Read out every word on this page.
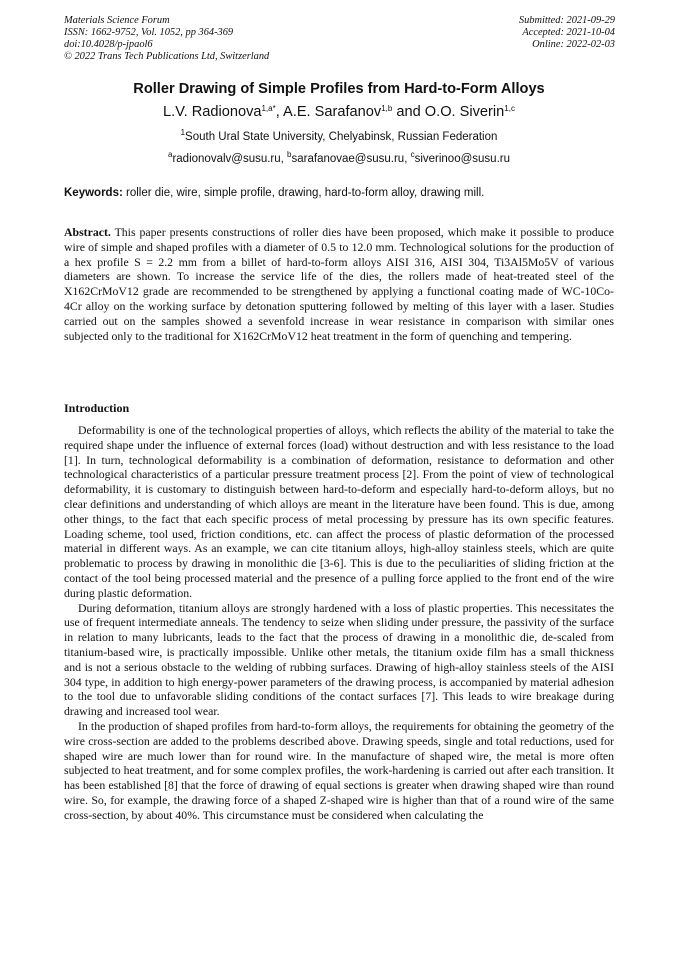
Materials Science Forum
ISSN: 1662-9752, Vol. 1052, pp 364-369
doi:10.4028/p-jpaol6
© 2022 Trans Tech Publications Ltd, Switzerland
Submitted: 2021-09-29
Accepted: 2021-10-04
Online: 2022-02-03
Roller Drawing of Simple Profiles from Hard-to-Form Alloys
L.V. Radionova$^{1,a*}$, A.E. Sarafanov$^{1,b}$ and O.O. Siverin$^{1,c}$
$^1$South Ural State University, Chelyabinsk, Russian Federation
$^a$radionovalv@susu.ru, $^b$sarafanovae@susu.ru, $^c$siverinoo@susu.ru
Keywords: roller die, wire, simple profile, drawing, hard-to-form alloy, drawing mill.
Abstract. This paper presents constructions of roller dies have been proposed, which make it possible to produce wire of simple and shaped profiles with a diameter of 0.5 to 12.0 mm. Technological solutions for the production of a hex profile S = 2.2 mm from a billet of hard-to-form alloys AISI 316, AISI 304, Ti3Al5Mo5V of various diameters are shown. To increase the service life of the dies, the rollers made of heat-treated steel of the X162CrMoV12 grade are recommended to be strengthened by applying a functional coating made of WC-10Co-4Cr alloy on the working surface by detonation sputtering followed by melting of this layer with a laser. Studies carried out on the samples showed a sevenfold increase in wear resistance in comparison with similar ones subjected only to the traditional for X162CrMoV12 heat treatment in the form of quenching and tempering.
Introduction

Deformability is one of the technological properties of alloys, which reflects the ability of the material to take the required shape under the influence of external forces (load) without destruction and with less resistance to the load [1]. In turn, technological deformability is a combination of deformation, resistance to deformation and other technological characteristics of a particular pressure treatment process [2]. From the point of view of technological deformability, it is customary to distinguish between hard-to-deform and especially hard-to-deform alloys, but no clear definitions and understanding of which alloys are meant in the literature have been found. This is due, among other things, to the fact that each specific process of metal processing by pressure has its own specific features. Loading scheme, tool used, friction conditions, etc. can affect the process of plastic deformation of the processed material in different ways. As an example, we can cite titanium alloys, high-alloy stainless steels, which are quite problematic to process by drawing in monolithic die [3-6]. This is due to the peculiarities of sliding friction at the contact of the tool being processed material and the presence of a pulling force applied to the front end of the wire during plastic deformation.

During deformation, titanium alloys are strongly hardened with a loss of plastic properties. This necessitates the use of frequent intermediate anneals. The tendency to seize when sliding under pressure, the passivity of the surface in relation to many lubricants, leads to the fact that the process of drawing in a monolithic die, de-scaled from titanium-based wire, is practically impossible. Unlike other metals, the titanium oxide film has a small thickness and is not a serious obstacle to the welding of rubbing surfaces. Drawing of high-alloy stainless steels of the AISI 304 type, in addition to high energy-power parameters of the drawing process, is accompanied by material adhesion to the tool due to unfavorable sliding conditions of the contact surfaces [7]. This leads to wire breakage during drawing and increased tool wear.

In the production of shaped profiles from hard-to-form alloys, the requirements for obtaining the geometry of the wire cross-section are added to the problems described above. Drawing speeds, single and total reductions, used for shaped wire are much lower than for round wire. In the manufacture of shaped wire, the metal is more often subjected to heat treatment, and for some complex profiles, the work-hardening is carried out after each transition. It has been established [8] that the force of drawing of equal sections is greater when drawing shaped wire than round wire. So, for example, the drawing force of a shaped Z-shaped wire is higher than that of a round wire of the same cross-section, by about 40%. This circumstance must be considered when calculating the
